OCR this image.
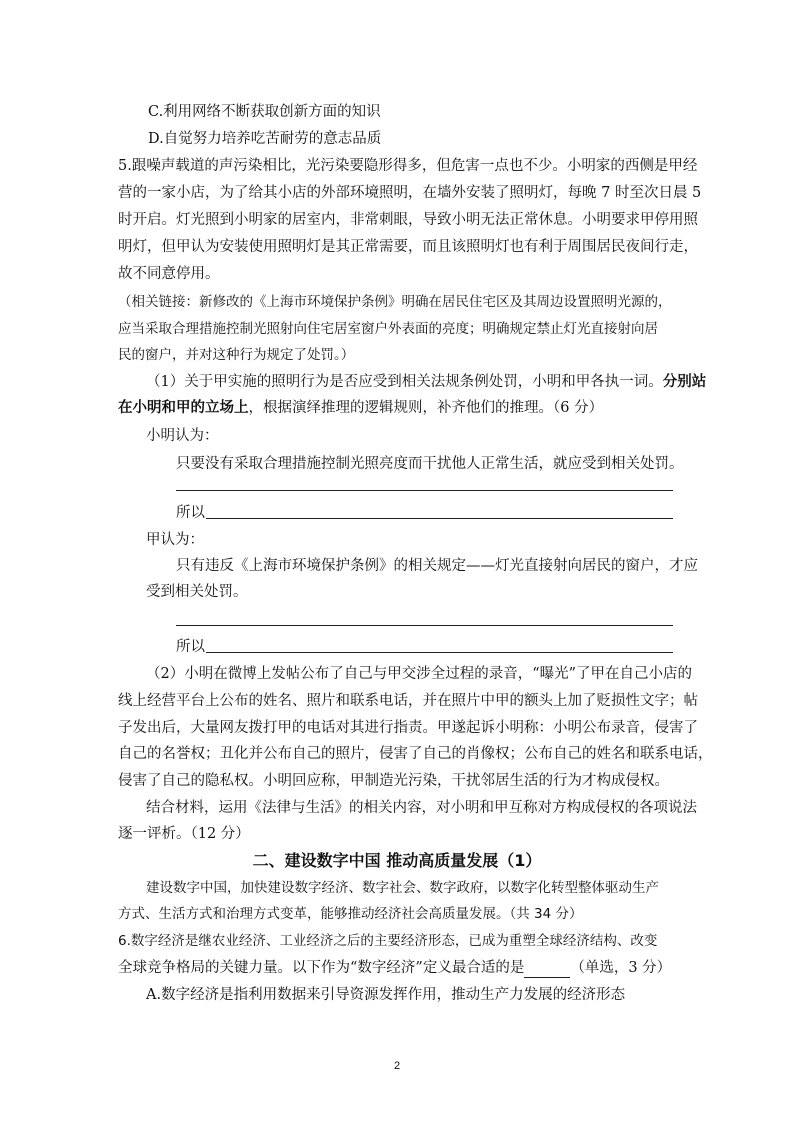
C.利用网络不断获取创新方面的知识
D.自觉努力培养吃苦耐劳的意志品质
5.跟噪声载道的声污染相比，光污染要隐形得多，但危害一点也不少。小明家的西侧是甲经
营的一家小店，为了给其小店的外部环境照明，在墙外安装了照明灯，每晚 7 时至次日晨 5
时开启。灯光照到小明家的居室内，非常刺眼，导致小明无法正常休息。小明要求甲停用照
明灯，但甲认为安装使用照明灯是其正常需要，而且该照明灯也有利于周围居民夜间行走，
故不同意停用。
（相关链接：新修改的《上海市环境保护条例》明确在居民住宅区及其周边设置照明光源的，
应当采取合理措施控制光照射向住宅居室窗户外表面的亮度；明确规定禁止灯光直接射向居
民的窗户，并对这种行为规定了处罚。）
（1）关于甲实施的照明行为是否应受到相关法规条例处罚，小明和甲各执一词。分别站
在小明和甲的立场上，根据演绎推理的逻辑规则，补齐他们的推理。（6 分）
小明认为：
只要没有采取合理措施控制光照亮度而干扰他人正常生活，就应受到相关处罚。
所以
甲认为：
只有违反《上海市环境保护条例》的相关规定——灯光直接射向居民的窗户，才应
受到相关处罚。
所以
（2）小明在微博上发帖公布了自己与甲交涉全过程的录音，“曝光”了甲在自己小店的
线上经营平台上公布的姓名、照片和联系电话，并在照片中甲的额头上加了贬损性文字；帖
子发出后，大量网友拨打甲的电话对其进行指责。甲遂起诉小明称：小明公布录音，侵害了
自己的名誉权；丑化并公布自己的照片，侵害了自己的肖像权；公布自己的姓名和联系电话，
侵害了自己的隐私权。小明回应称，甲制造光污染，干扰邻居生活的行为才构成侵权。
结合材料，运用《法律与生活》的相关内容，对小明和甲互称对方构成侵权的各项说法
逐一评析。（12 分）
二、建设数字中国 推动高质量发展（1）
建设数字中国，加快建设数字经济、数字社会、数字政府，以数字化转型整体驱动生产
方式、生活方式和治理方式变革，能够推动经济社会高质量发展。（共 34 分）
6.数字经济是继农业经济、工业经济之后的主要经济形态，已成为重塑全球经济结构、改变
全球竞争格局的关键力量。以下作为“数字经济”定义最合适的是	（单选，3 分）
A.数字经济是指利用数据来引导资源发挥作用，推动生产力发展的经济形态
2
